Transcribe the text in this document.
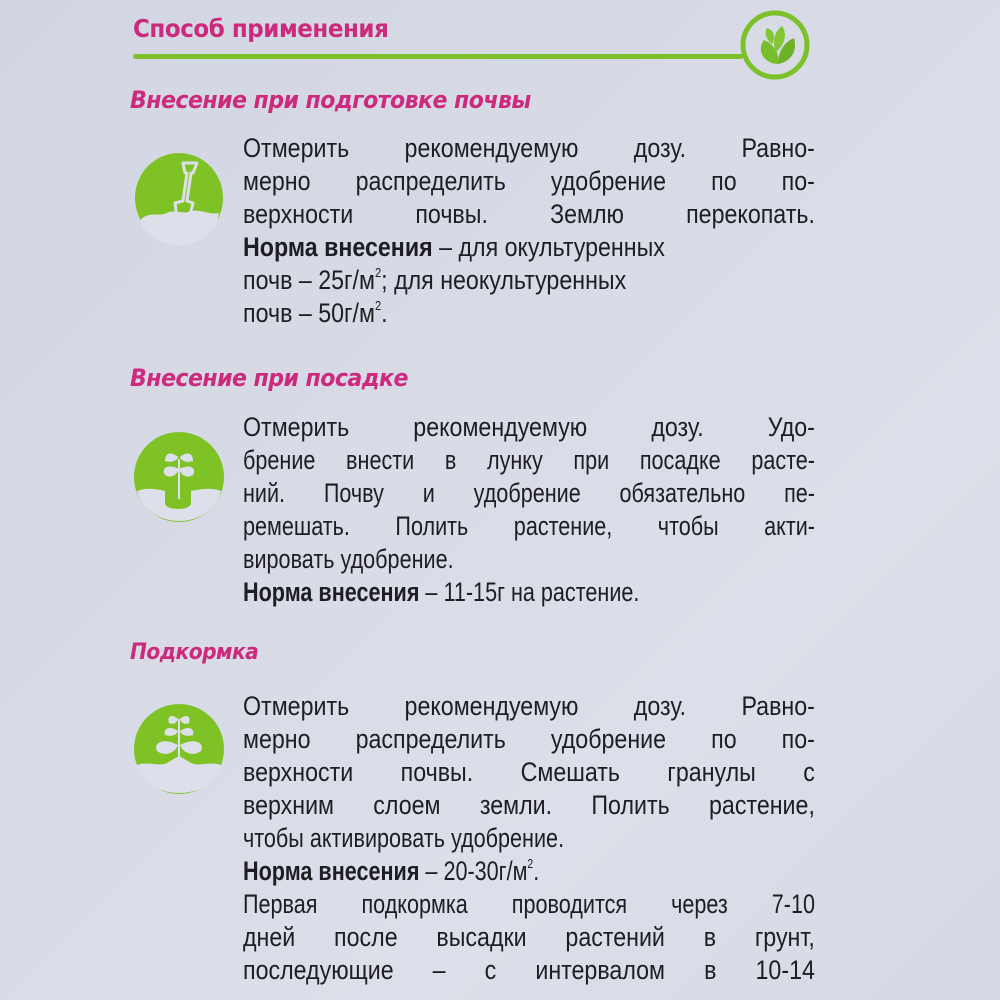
Способ применения
Внесение при подготовке почвы
Отмерить рекомендуемую дозу. Равно-
мерно распределить удобрение по по-
верхности почвы. Землю перекопать.
Норма внесения – для окультуренных
почв – $25г/м^2$; для неокультуренных
почв – $50г/м^2$.
Внесение при посадке
Отмерить рекомендуемую дозу. Удо-
брение внести в лунку при посадке расте-
ний. Почву и удобрение обязательно пе-
ремешать. Полить растение, чтобы акти-
вировать удобрение.
Норма внесения – 11-15г на растение.
Подкормка
Отмерить рекомендуемую дозу. Равно-
мерно распределить удобрение по по-
верхности почвы. Смешать гранулы с
верхним слоем земли. Полить растение,
чтобы активировать удобрение.
Норма внесения – $20-30г/м^2$.
Первая подкормка проводится через 7-10
дней после высадки растений в грунт,
последующие – с интервалом в 10-14
